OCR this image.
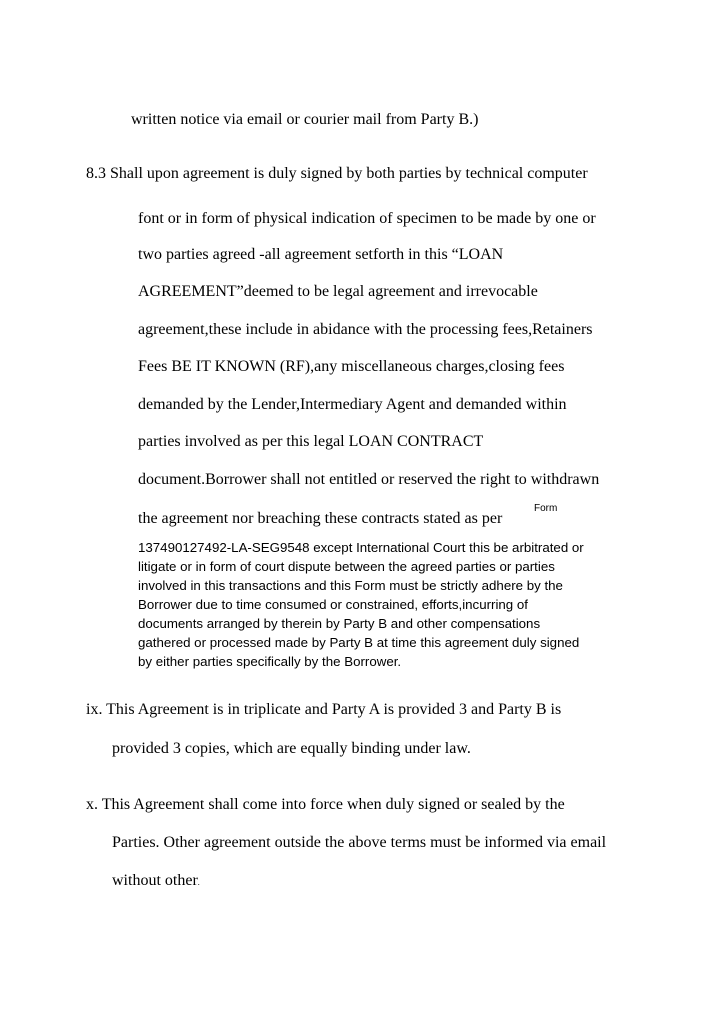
written notice via email or courier mail from Party B.)
8.3 Shall upon agreement is duly signed by both parties by technical computer
font or in form of physical indication of specimen to be made by one or
two parties agreed -all agreement setforth in this “LOAN
AGREEMENT”deemed to be legal agreement and irrevocable
agreement,these include in abidance with the processing fees,Retainers
Fees BE IT KNOWN (RF),any miscellaneous charges,closing fees
demanded by the Lender,Intermediary Agent and demanded within
parties involved as per this legal LOAN CONTRACT
document.Borrower shall not entitled or reserved the right to withdrawn
the agreement nor breaching these contracts stated as per
Form
137490127492-LA-SEG9548 except International Court this be arbitrated or
litigate or in form of court dispute between the agreed parties or parties
involved in this transactions and this Form must be strictly adhere by the
Borrower due to time consumed or constrained, efforts,incurring of
documents arranged by therein by Party B and other compensations
gathered or processed made by Party B at time this agreement duly signed
by either parties specifically by the Borrower.
ix. This Agreement is in triplicate and Party A is provided 3 and Party B is
provided 3 copies, which are equally binding under law.
x. This Agreement shall come into force when duly signed or sealed by the
Parties. Other agreement outside the above terms must be informed via email
without other.
